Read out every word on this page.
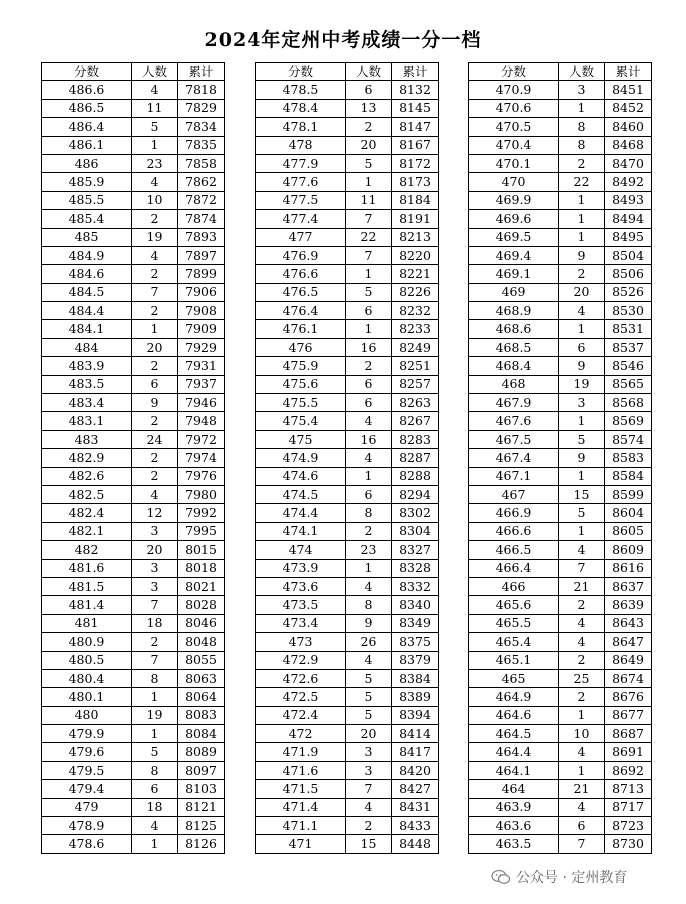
2024年定州中考成绩一分一档
分数	人数	累计
486.6	4	7818
486.5	11	7829
486.4	5	7834
486.1	1	7835
486	23	7858
485.9	4	7862
485.5	10	7872
485.4	2	7874
485	19	7893
484.9	4	7897
484.6	2	7899
484.5	7	7906
484.4	2	7908
484.1	1	7909
484	20	7929
483.9	2	7931
483.5	6	7937
483.4	9	7946
483.1	2	7948
483	24	7972
482.9	2	7974
482.6	2	7976
482.5	4	7980
482.4	12	7992
482.1	3	7995
482	20	8015
481.6	3	8018
481.5	3	8021
481.4	7	8028
481	18	8046
480.9	2	8048
480.5	7	8055
480.4	8	8063
480.1	1	8064
480	19	8083
479.9	1	8084
479.6	5	8089
479.5	8	8097
479.4	6	8103
479	18	8121
478.9	4	8125
478.6	1	8126
分数	人数	累计
478.5	6	8132
478.4	13	8145
478.1	2	8147
478	20	8167
477.9	5	8172
477.6	1	8173
477.5	11	8184
477.4	7	8191
477	22	8213
476.9	7	8220
476.6	1	8221
476.5	5	8226
476.4	6	8232
476.1	1	8233
476	16	8249
475.9	2	8251
475.6	6	8257
475.5	6	8263
475.4	4	8267
475	16	8283
474.9	4	8287
474.6	1	8288
474.5	6	8294
474.4	8	8302
474.1	2	8304
474	23	8327
473.9	1	8328
473.6	4	8332
473.5	8	8340
473.4	9	8349
473	26	8375
472.9	4	8379
472.6	5	8384
472.5	5	8389
472.4	5	8394
472	20	8414
471.9	3	8417
471.6	3	8420
471.5	7	8427
471.4	4	8431
471.1	2	8433
471	15	8448
分数	人数	累计
470.9	3	8451
470.6	1	8452
470.5	8	8460
470.4	8	8468
470.1	2	8470
470	22	8492
469.9	1	8493
469.6	1	8494
469.5	1	8495
469.4	9	8504
469.1	2	8506
469	20	8526
468.9	4	8530
468.6	1	8531
468.5	6	8537
468.4	9	8546
468	19	8565
467.9	3	8568
467.6	1	8569
467.5	5	8574
467.4	9	8583
467.1	1	8584
467	15	8599
466.9	5	8604
466.6	1	8605
466.5	4	8609
466.4	7	8616
466	21	8637
465.6	2	8639
465.5	4	8643
465.4	4	8647
465.1	2	8649
465	25	8674
464.9	2	8676
464.6	1	8677
464.5	10	8687
464.4	4	8691
464.1	1	8692
464	21	8713
463.9	4	8717
463.6	6	8723
463.5	7	8730
公众号 · 定州教育
